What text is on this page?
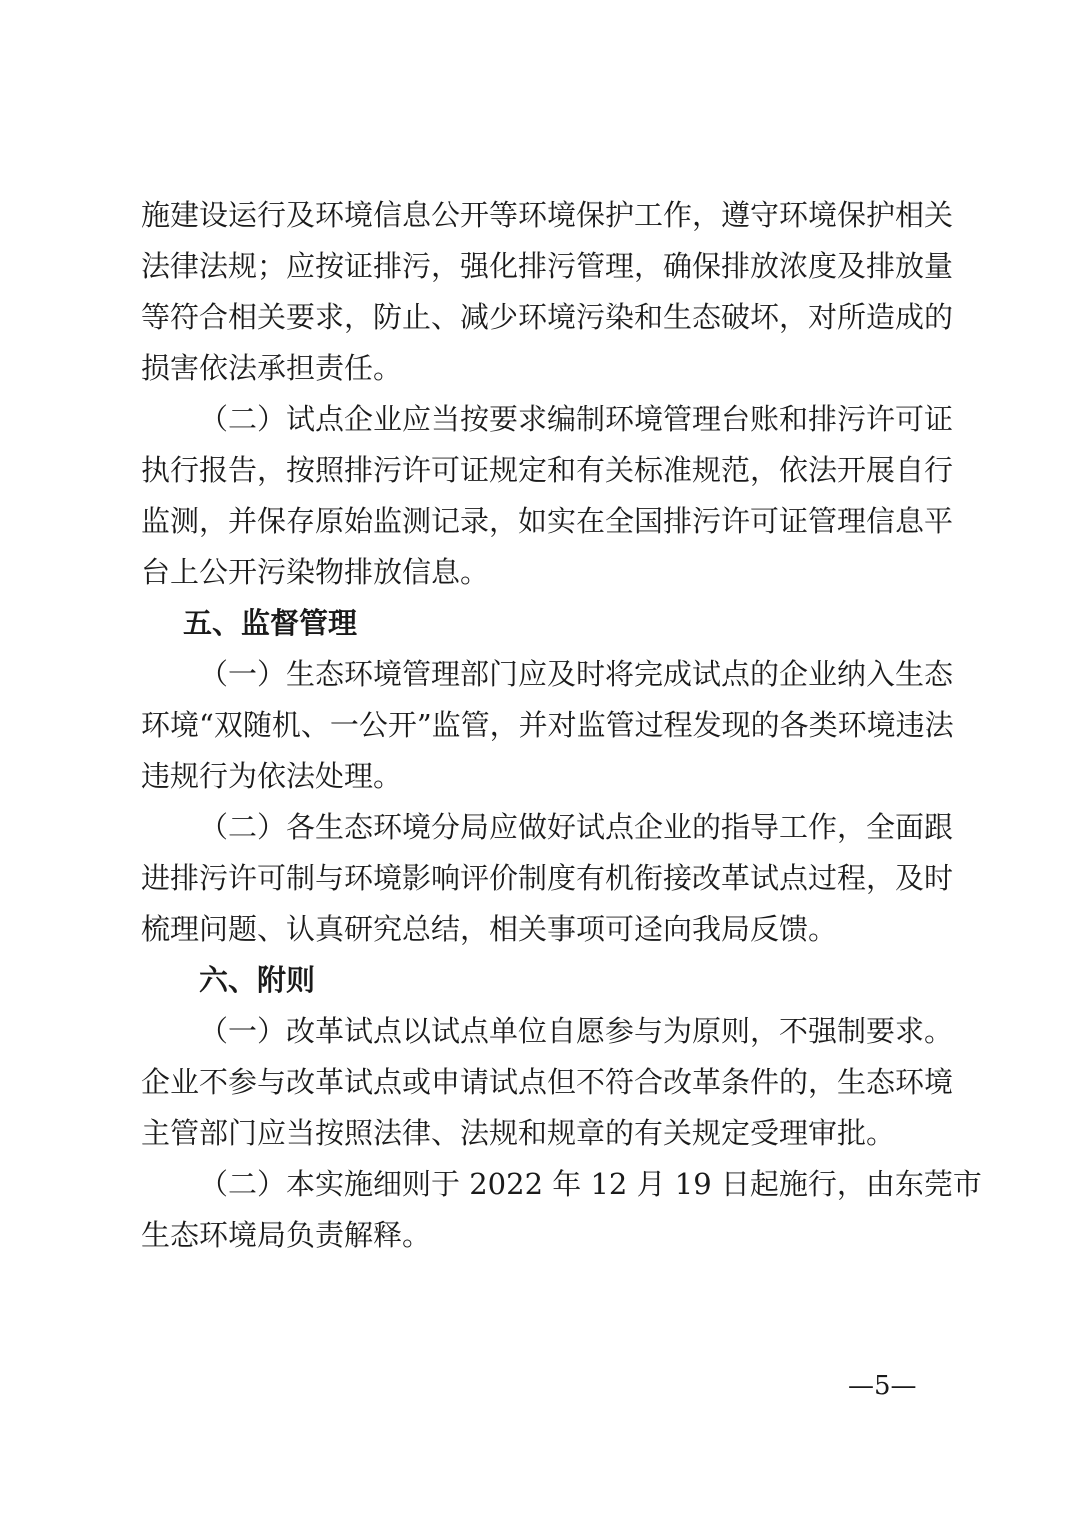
施建设运行及环境信息公开等环境保护工作，遵守环境保护相关
法律法规；应按证排污，强化排污管理，确保排放浓度及排放量
等符合相关要求，防止、减少环境污染和生态破坏，对所造成的
损害依法承担责任。
（二）试点企业应当按要求编制环境管理台账和排污许可证
执行报告，按照排污许可证规定和有关标准规范，依法开展自行
监测，并保存原始监测记录，如实在全国排污许可证管理信息平
台上公开污染物排放信息。
五、监督管理
（一）生态环境管理部门应及时将完成试点的企业纳入生态
环境“双随机、一公开”监管，并对监管过程发现的各类环境违法
违规行为依法处理。
（二）各生态环境分局应做好试点企业的指导工作，全面跟
进排污许可制与环境影响评价制度有机衔接改革试点过程，及时
梳理问题、认真研究总结，相关事项可迳向我局反馈。
六、附则
（一）改革试点以试点单位自愿参与为原则，不强制要求。
企业不参与改革试点或申请试点但不符合改革条件的，生态环境
主管部门应当按照法律、法规和规章的有关规定受理审批。
（二）本实施细则于 2022 年 12 月 19 日起施行，由东莞市
生态环境局负责解释。
—5—
